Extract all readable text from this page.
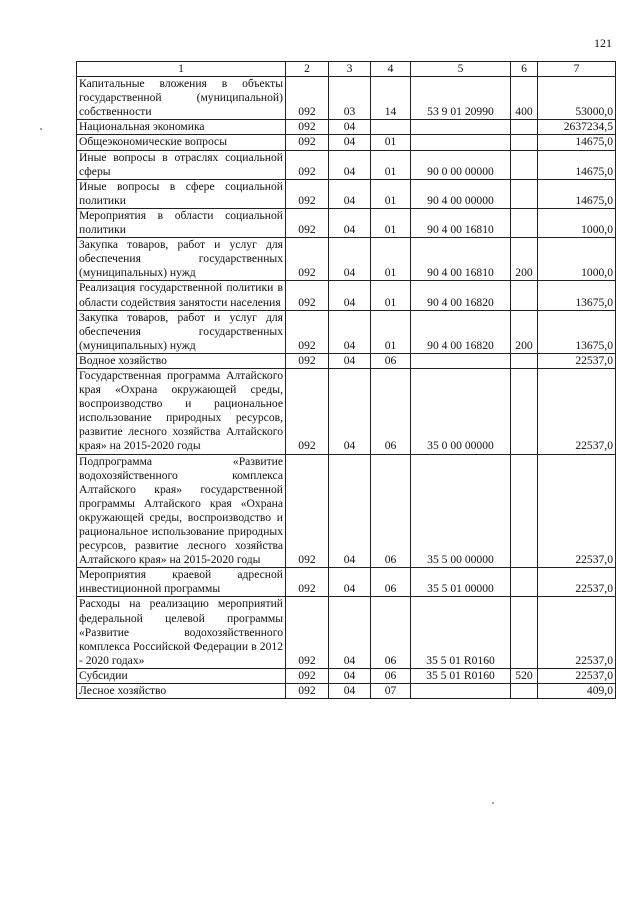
121
1	2	3	4	5	6	7
Капитальные вложения в объекты государственной (муниципальной) собственности	092	03	14	53 9 01 20990	400	53000,0
Национальная экономика	092	04				2637234,5
Общеэкономические вопросы	092	04	01			14675,0
Иные вопросы в отраслях социальной сферы	092	04	01	90 0 00 00000		14675,0
Иные вопросы в сфере социальной политики	092	04	01	90 4 00 00000		14675,0
Мероприятия в области социальной политики	092	04	01	90 4 00 16810		1000,0
Закупка товаров, работ и услуг для обеспечения государственных (муниципальных) нужд	092	04	01	90 4 00 16810	200	1000,0
Реализация государственной политики в области содействия занятости населения	092	04	01	90 4 00 16820		13675,0
Закупка товаров, работ и услуг для обеспечения государственных (муниципальных) нужд	092	04	01	90 4 00 16820	200	13675,0
Водное хозяйство	092	04	06			22537,0
Государственная программа Алтайского края «Охрана окружающей среды, воспроизводство и рациональное использование природных ресурсов, развитие лесного хозяйства Алтайского края» на 2015-2020 годы	092	04	06	35 0 00 00000		22537,0
Подпрограмма «Развитие водохозяйственного комплекса Алтайского края» государственной программы Алтайского края «Охрана окружающей среды, воспроизводство и рациональное использование природных ресурсов, развитие лесного хозяйства Алтайского края» на 2015-2020 годы	092	04	06	35 5 00 00000		22537,0
Мероприятия краевой адресной инвестиционной программы	092	04	06	35 5 01 00000		22537,0
Расходы на реализацию мероприятий федеральной целевой программы «Развитие водохозяйственного комплекса Российской Федерации в 2012 - 2020 годах»	092	04	06	35 5 01 R0160		22537,0
Субсидии	092	04	06	35 5 01 R0160	520	22537,0
Лесное хозяйство	092	04	07			409,0
